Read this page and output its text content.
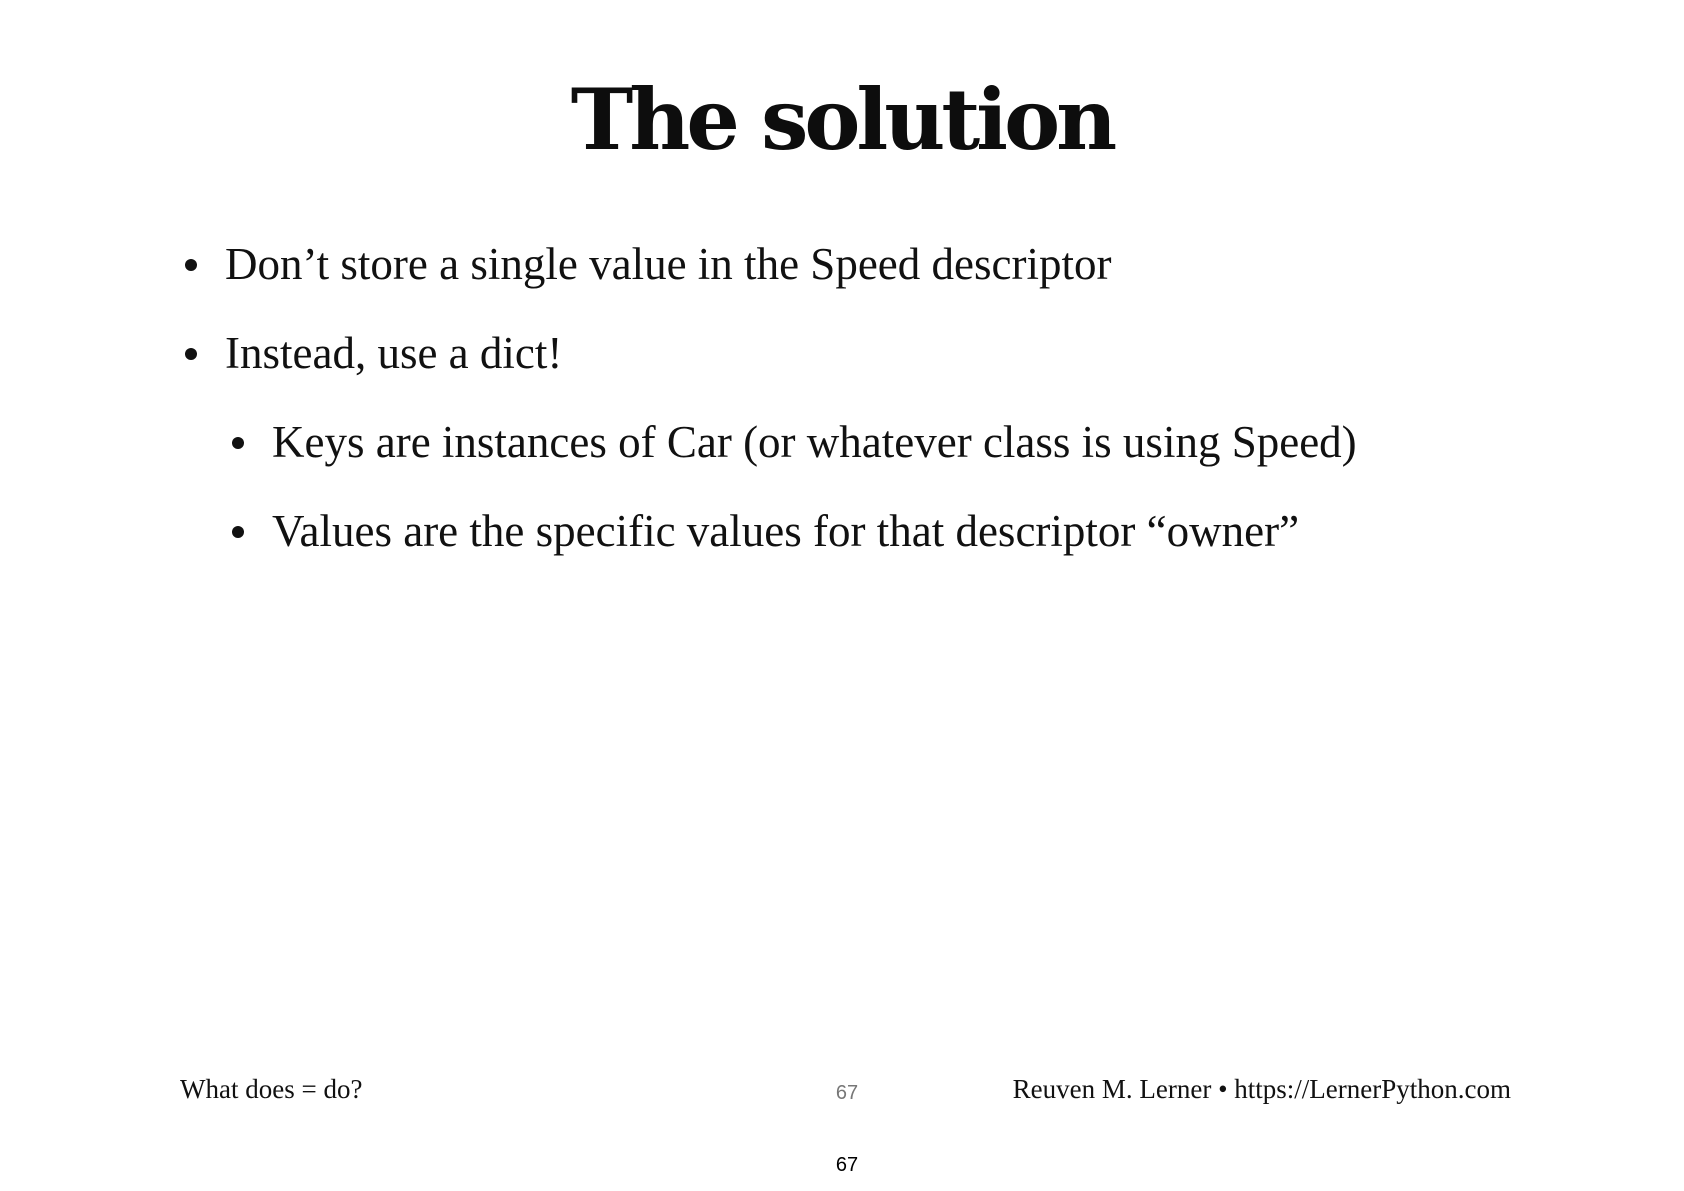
The solution
Don’t store a single value in the Speed descriptor
Instead, use a dict!
Keys are instances of Car (or whatever class is using Speed)
Values are the specific values for that descriptor “owner”
What does = do?	67	Reuven M. Lerner • https://LernerPython.com
67
